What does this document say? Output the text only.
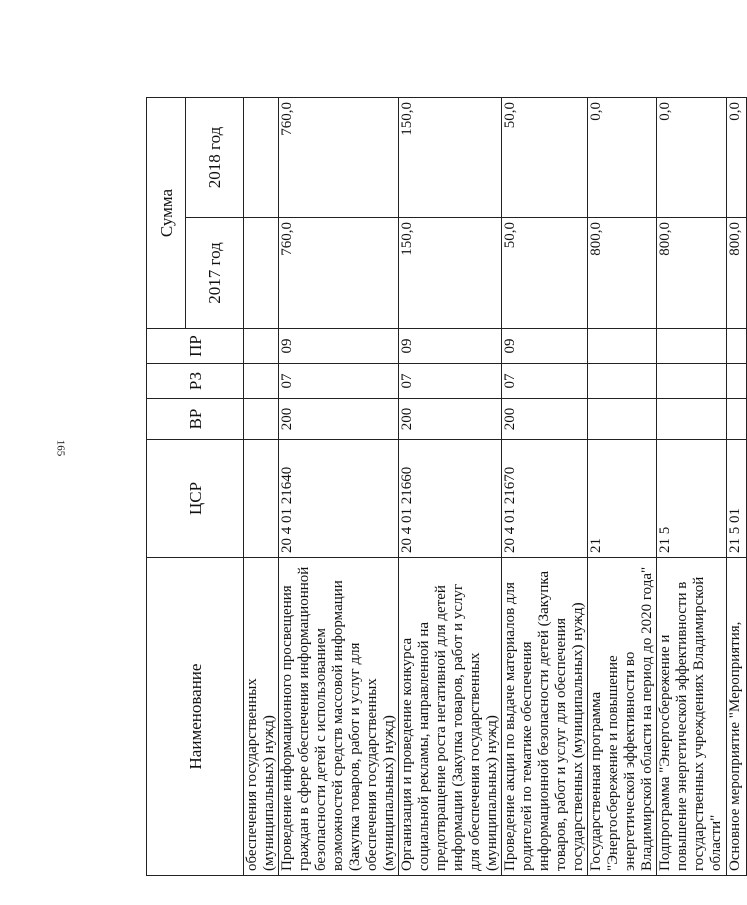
165
Наименование	ЦСР	ВР	РЗ	ПР	Сумма	
					2017 год	2018 год
обеспечения государственных (муниципальных) нужд)						
Проведение информационного просвещения граждан в сфере обеспечения информационной безопасности детей с использованием возможностей средств массовой информации (Закупка товаров, работ и услуг для обеспечения государственных (муниципальных) нужд)	20 4 01 21640	200	07	09	760,0	760,0
Организация и проведение конкурса социальной рекламы, направленной на предотвращение роста негативной для детей информации (Закупка товаров, работ и услуг для обеспечения государственных (муниципальных) нужд)	20 4 01 21660	200	07	09	150,0	150,0
Проведение акции по выдаче материалов для родителей по тематике обеспечения информационной безопасности детей (Закупка товаров, работ и услуг для обеспечения государственных (муниципальных) нужд)	20 4 01 21670	200	07	09	50,0	50,0
Государственная программа "Энергосбережение и повышение энергетической эффективности во Владимирской области на период до 2020 года"	21				800,0	0,0
Подпрограмма "Энергосбережение и повышение энергетической эффективности в государственных учреждениях Владимирской области"	21 5				800,0	0,0
Основное мероприятие "Мероприятия,	21 5 01				800,0	0,0
